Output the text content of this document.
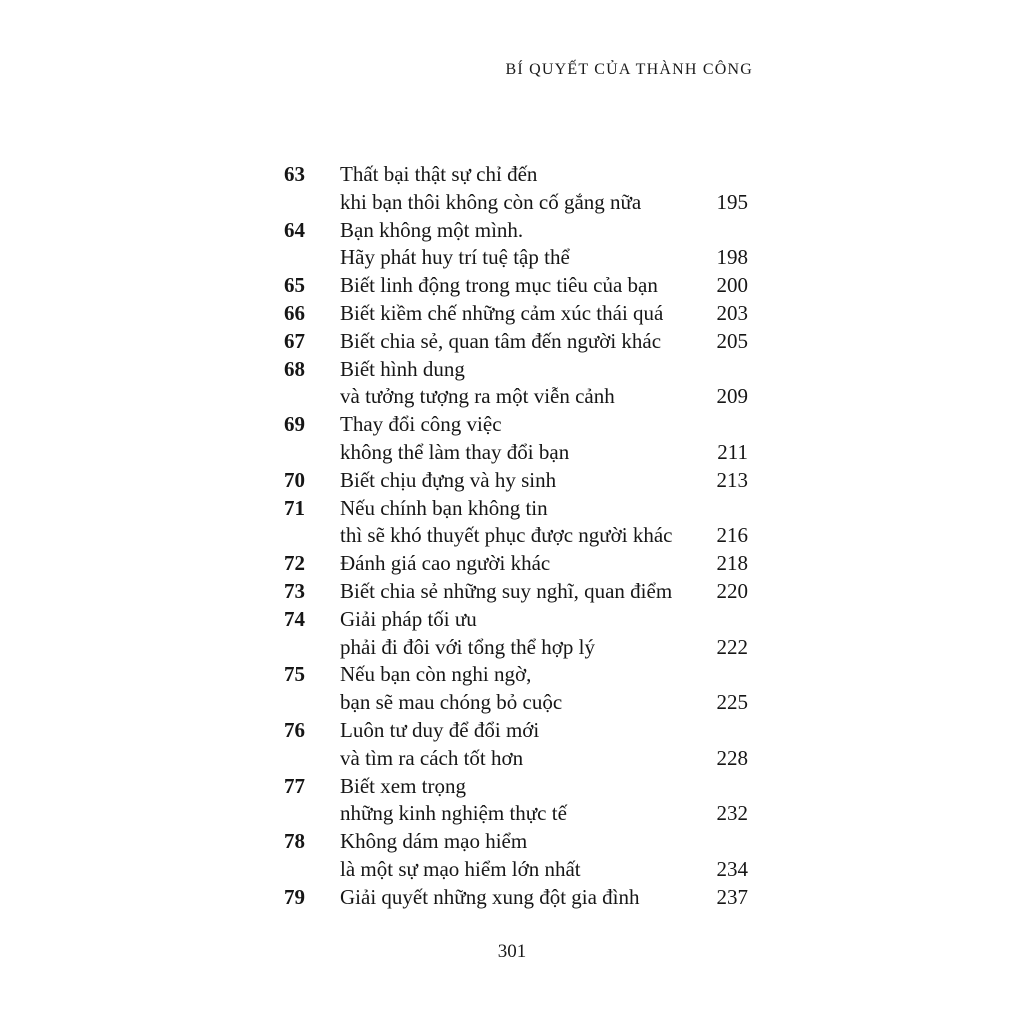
BÍ QUYẾT CỦA THÀNH CÔNG
63	Thất bại thật sự chỉ đến
khi bạn thôi không còn cố gắng nữa	195
64	Bạn không một mình.
Hãy phát huy trí tuệ tập thể	198
65	Biết linh động trong mục tiêu của bạn	200
66	Biết kiềm chế những cảm xúc thái quá	203
67	Biết chia sẻ, quan tâm đến người khác	205
68	Biết hình dung
và tưởng tượng ra một viễn cảnh	209
69	Thay đổi công việc
không thể làm thay đổi bạn	211
70	Biết chịu đựng và hy sinh	213
71	Nếu chính bạn không tin
thì sẽ khó thuyết phục được người khác	216
72	Đánh giá cao người khác	218
73	Biết chia sẻ những suy nghĩ, quan điểm	220
74	Giải pháp tối ưu
phải đi đôi với tổng thể hợp lý	222
75	Nếu bạn còn nghi ngờ,
bạn sẽ mau chóng bỏ cuộc	225
76	Luôn tư duy để đổi mới
và tìm ra cách tốt hơn	228
77	Biết xem trọng
những kinh nghiệm thực tế	232
78	Không dám mạo hiểm
là một sự mạo hiểm lớn nhất	234
79	Giải quyết những xung đột gia đình	237
301
